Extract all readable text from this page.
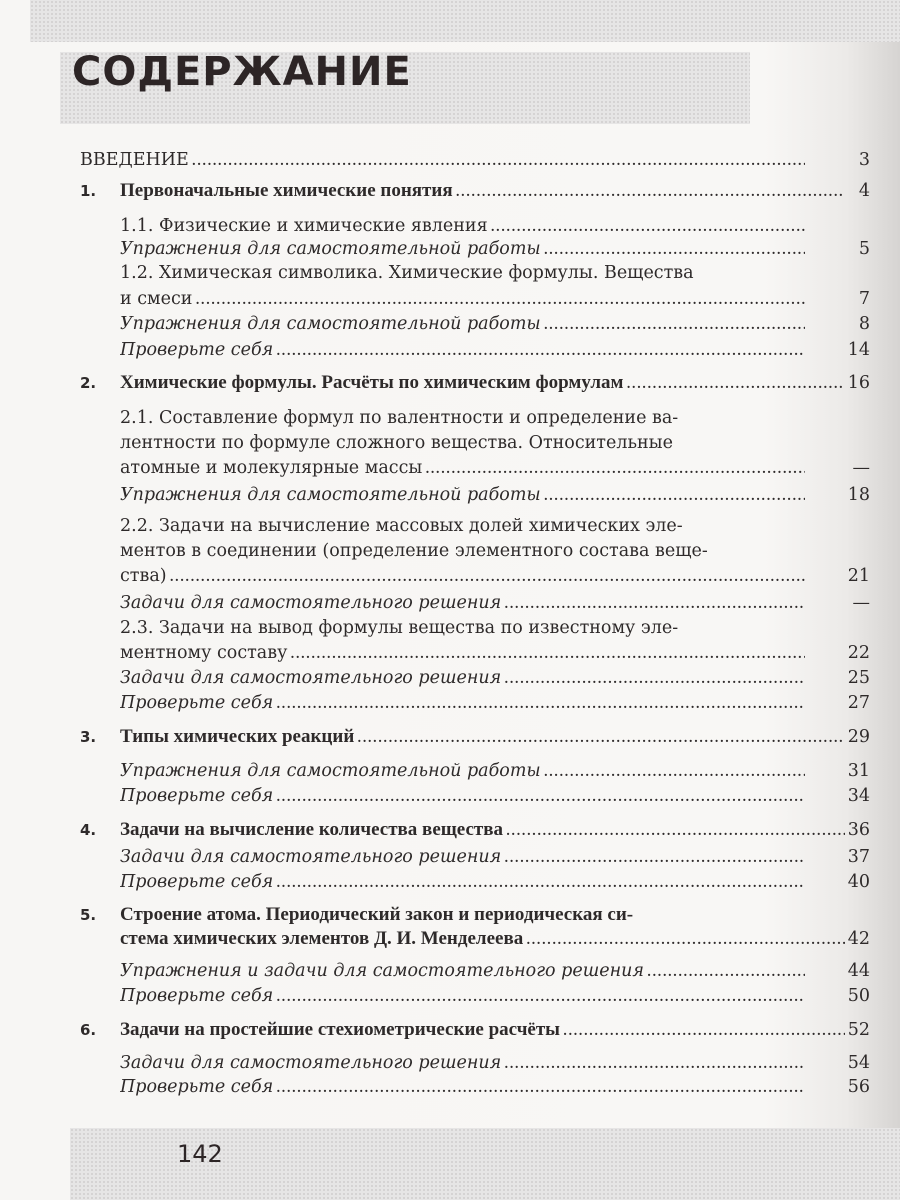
СОДЕРЖАНИЕ
ВВЕДЕНИЕ .....	3
1.	Первоначальные химические понятия .....	4
1.1. Физические и химические явления
.....
Упражнения для самостоятельной работы .....	5
1.2. Химическая символика. Химические формулы. Вещества
и смеси .....	7
Упражнения для самостоятельной работы .....	8
Проверьте себя .....	14
2.	Химические формулы. Расчёты по химическим формулам .....	16
2.1. Составление формул по валентности и определение ва-
лентности по формуле сложного вещества. Относительные
атомные и молекулярные массы .....	—
Упражнения для самостоятельной работы .....	18
2.2. Задачи на вычисление массовых долей химических эле-
ментов в соединении (определение элементного состава веще-
ства) .....	21
Задачи для самостоятельного решения .....	—
2.3. Задачи на вывод формулы вещества по известному эле-
ментному составу .....	22
Задачи для самостоятельного решения .....	25
Проверьте себя .....	27
3.	Типы химических реакций .....	29
Упражнения для самостоятельной работы .....	31
Проверьте себя .....	34
4.	Задачи на вычисление количества вещества .....	36
Задачи для самостоятельного решения .....	37
Проверьте себя .....	40
5.	Строение атома. Периодический закон и периодическая си-
стема химических элементов Д. И. Менделеева .....	42
Упражнения и задачи для самостоятельного решения .....	44
Проверьте себя .....	50
6.	Задачи на простейшие стехиометрические расчёты .....	52
Задачи для самостоятельного решения .....	54
Проверьте себя .....	56
142
